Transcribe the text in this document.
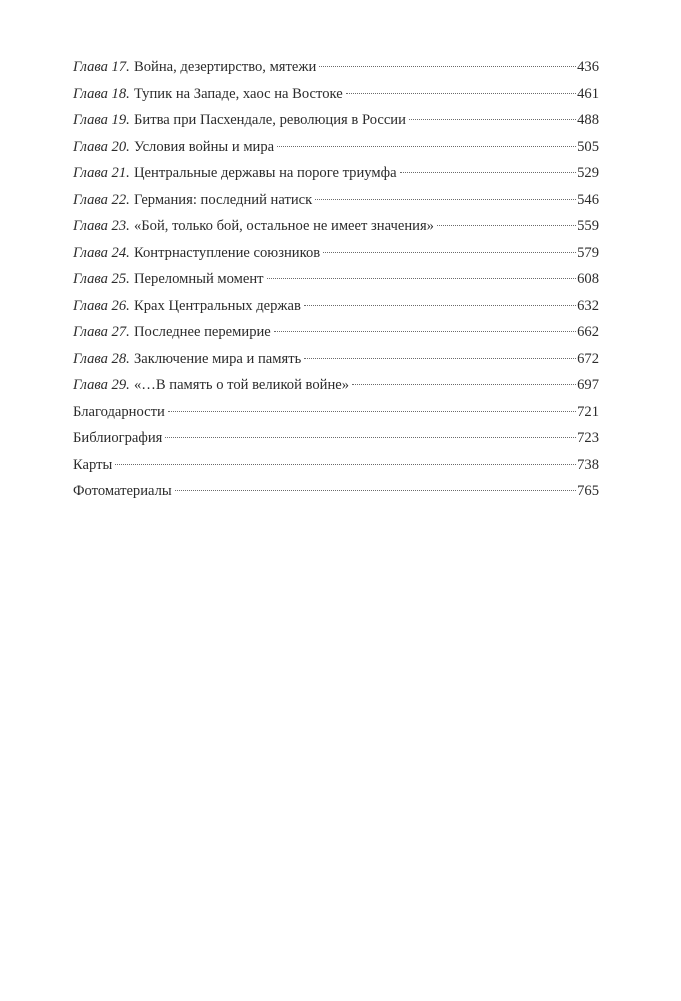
Глава 17. Война, дезертирство, мятежи	436
Глава 18. Тупик на Западе, хаос на Востоке	461
Глава 19. Битва при Пасхендале, революция в России	488
Глава 20. Условия войны и мира	505
Глава 21. Центральные державы на пороге триумфа	529
Глава 22. Германия: последний натиск	546
Глава 23. «Бой, только бой, остальное не имеет значения»	559
Глава 24. Контрнаступление союзников	579
Глава 25. Переломный момент	608
Глава 26. Крах Центральных держав	632
Глава 27. Последнее перемирие	662
Глава 28. Заключение мира и память	672
Глава 29. «…В память о той великой войне»	697
Благодарности	721
Библиография	723
Карты	738
Фотоматериалы	765
